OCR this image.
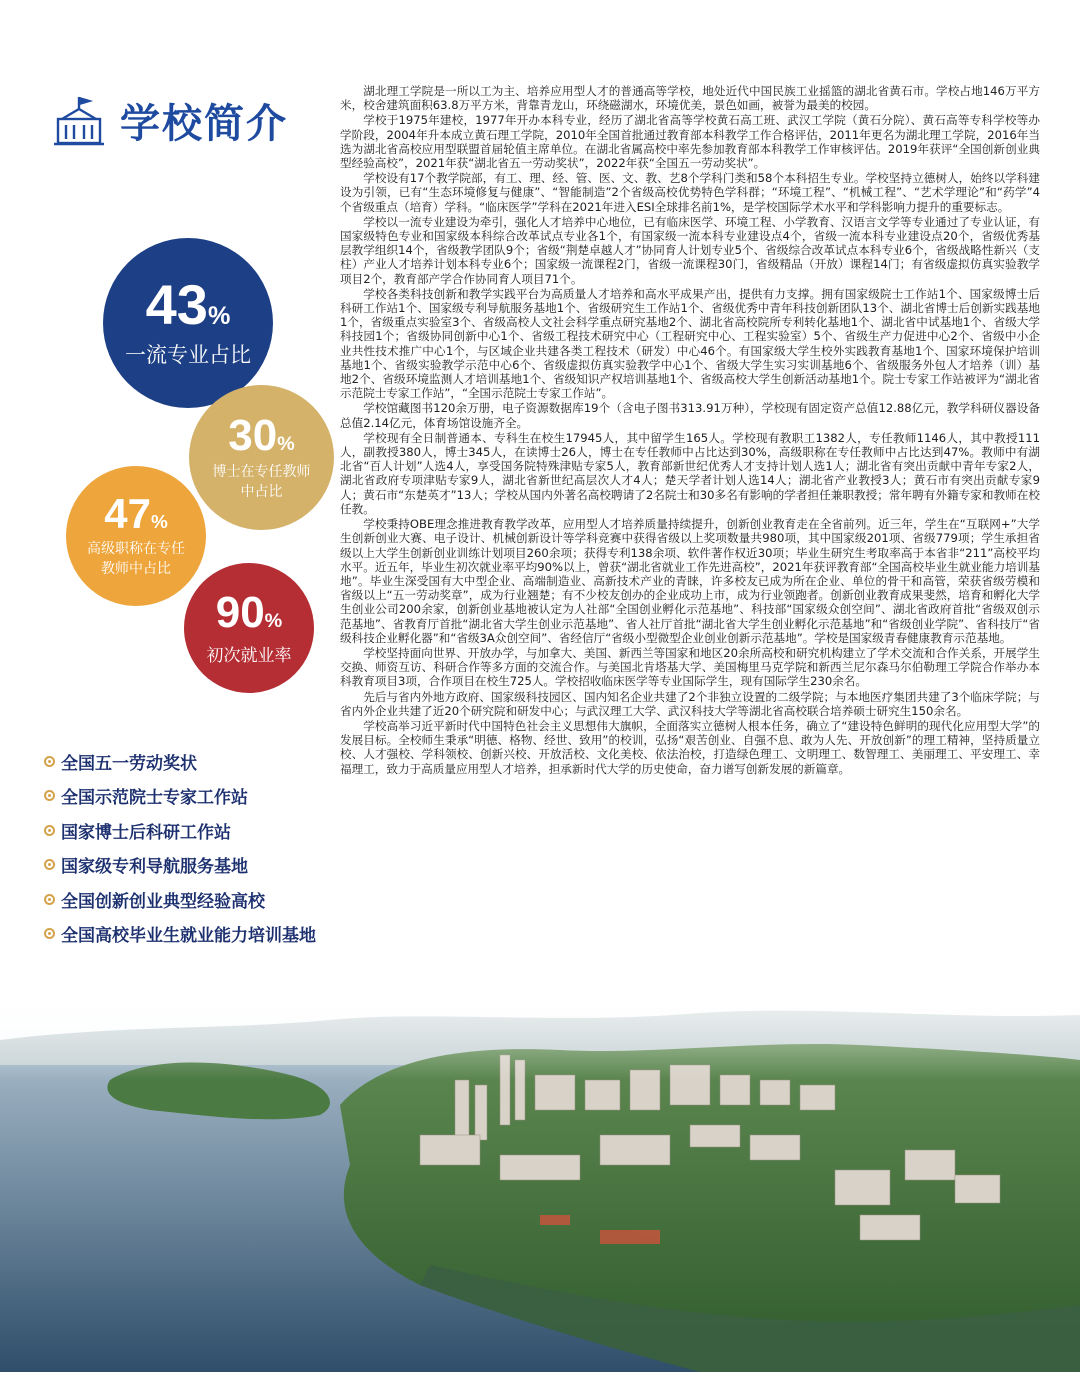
学校简介
43%
一流专业占比
30%
博士在专任教师
中占比
47%
高级职称在专任
教师中占比
90%
初次就业率
全国五一劳动奖状
全国示范院士专家工作站
国家博士后科研工作站
国家级专利导航服务基地
全国创新创业典型经验高校
全国高校毕业生就业能力培训基地

湖北理工学院是一所以工为主、培养应用型人才的普通高等学校，地处近代中国民族工业摇篮的湖北省黄石市。学校占地146万平方米，校舍建筑面积63.8万平方米，背靠青龙山，环绕磁湖水，环境优美，景色如画，被誉为最美的校园。

学校于1975年建校，1977年开办本科专业，经历了湖北省高等学校黄石高工班、武汉工学院（黄石分院）、黄石高等专科学校等办学阶段，2004年升本成立黄石理工学院，2010年全国首批通过教育部本科教学工作合格评估，2011年更名为湖北理工学院，2016年当选为湖北省高校应用型联盟首届轮值主席单位。在湖北省属高校中率先参加教育部本科教学工作审核评估。2019年获评“全国创新创业典型经验高校”，2021年获“湖北省五一劳动奖状”，2022年获“全国五一劳动奖状”。

学校设有17个教学院部，有工、理、经、管、医、文、教、艺8个学科门类和58个本科招生专业。学校坚持立德树人，始终以学科建设为引领，已有“生态环境修复与健康”、“智能制造”2个省级高校优势特色学科群；“环境工程”、“机械工程”、“艺术学理论”和“药学”4个省级重点（培育）学科。“临床医学”学科在2021年进入ESI全球排名前1%，是学校国际学术水平和学科影响力提升的重要标志。

学校以一流专业建设为牵引，强化人才培养中心地位，已有临床医学、环境工程、小学教育、汉语言文学等专业通过了专业认证，有国家级特色专业和国家级本科综合改革试点专业各1个，有国家级一流本科专业建设点4个，省级一流本科专业建设点20个，省级优秀基层教学组织14个，省级教学团队9个；省级“荆楚卓越人才”协同育人计划专业5个、省级综合改革试点本科专业6个，省级战略性新兴（支柱）产业人才培养计划本科专业6个；国家级一流课程2门，省级一流课程30门，省级精品（开放）课程14门；有省级虚拟仿真实验教学项目2个，教育部产学合作协同育人项目71个。

学校各类科技创新和教学实践平台为高质量人才培养和高水平成果产出，提供有力支撑。拥有国家级院士工作站1个、国家级博士后科研工作站1个、国家级专利导航服务基地1个、省级研究生工作站1个、省级优秀中青年科技创新团队13个、湖北省博士后创新实践基地1个，省级重点实验室3个、省级高校人文社会科学重点研究基地2个、湖北省高校院所专利转化基地1个、湖北省中试基地1个、省级大学科技园1个；省级协同创新中心1个、省级工程技术研究中心（工程研究中心、工程实验室）5个、省级生产力促进中心2个、省级中小企业共性技术推广中心1个，与区域企业共建各类工程技术（研发）中心46个。有国家级大学生校外实践教育基地1个、国家环境保护培训基地1个、省级实验教学示范中心6个、省级虚拟仿真实验教学中心1个、省级大学生实习实训基地6个、省级服务外包人才培养（训）基地2个、省级环境监测人才培训基地1个、省级知识产权培训基地1个、省级高校大学生创新活动基地1个。院士专家工作站被评为“湖北省示范院士专家工作站”，“全国示范院士专家工作站”。

学校馆藏图书120余万册，电子资源数据库19个（含电子图书313.91万种），学校现有固定资产总值12.88亿元，教学科研仪器设备总值2.14亿元，体育场馆设施齐全。

学校现有全日制普通本、专科生在校生17945人，其中留学生165人。学校现有教职工1382人，专任教师1146人，其中教授111人，副教授380人，博士345人，在读博士26人，博士在专任教师中占比达到30%，高级职称在专任教师中占比达到47%。教师中有湖北省“百人计划”人选4人，享受国务院特殊津贴专家5人，教育部新世纪优秀人才支持计划人选1人；湖北省有突出贡献中青年专家2人，湖北省政府专项津贴专家9人，湖北省新世纪高层次人才4人；楚天学者计划人选14人；湖北省产业教授3人；黄石市有突出贡献专家9人；黄石市“东楚英才”13人；学校从国内外著名高校聘请了2名院士和30多名有影响的学者担任兼职教授；常年聘有外籍专家和教师在校任教。

学校秉持OBE理念推进教育教学改革，应用型人才培养质量持续提升，创新创业教育走在全省前列。近三年，学生在“互联网+”大学生创新创业大赛、电子设计、机械创新设计等学科竞赛中获得省级以上奖项数量共980项，其中国家级201项、省级779项；学生承担省级以上大学生创新创业训练计划项目260余项；获得专利138余项、软件著作权近30项；毕业生研究生考取率高于本省非“211”高校平均水平。近五年，毕业生初次就业率平均90%以上，曾获“湖北省就业工作先进高校”，2021年获评教育部“全国高校毕业生就业能力培训基地”。毕业生深受国有大中型企业、高端制造业、高新技术产业的青睐，许多校友已成为所在企业、单位的骨干和高管，荣获省级劳模和省级以上“五一劳动奖章”，成为行业翘楚；有不少校友创办的企业成功上市，成为行业领跑者。创新创业教育成果斐然，培育和孵化大学生创业公司200余家，创新创业基地被认定为人社部“全国创业孵化示范基地”、科技部“国家级众创空间”、湖北省政府首批“省级双创示范基地”、省教育厅首批“湖北省大学生创业示范基地”、省人社厅首批“湖北省大学生创业孵化示范基地”和“省级创业学院”、省科技厅“省级科技企业孵化器”和“省级3A众创空间”、省经信厅“省级小型微型企业创业创新示范基地”。学校是国家级青春健康教育示范基地。

学校坚持面向世界、开放办学，与加拿大、美国、新西兰等国家和地区20余所高校和研究机构建立了学术交流和合作关系，开展学生交换、师资互访、科研合作等多方面的交流合作。与美国北肯塔基大学、美国梅里马克学院和新西兰尼尔森马尔伯勒理工学院合作举办本科教育项目3项，合作项目在校生725人。学校招收临床医学等专业国际学生，现有国际学生230余名。

先后与省内外地方政府、国家级科技园区、国内知名企业共建了2个非独立设置的二级学院；与本地医疗集团共建了3个临床学院；与省内外企业共建了近20个研究院和研发中心；与武汉理工大学、武汉科技大学等湖北省高校联合培养硕士研究生150余名。

学校高举习近平新时代中国特色社会主义思想伟大旗帜，全面落实立德树人根本任务，确立了“建设特色鲜明的现代化应用型大学”的发展目标。全校师生秉承“明德、格物、经世、致用”的校训，弘扬“艰苦创业、自强不息、敢为人先、开放创新”的理工精神，坚持质量立校、人才强校、学科领校、创新兴校、开放活校、文化美校、依法治校，打造绿色理工、文明理工、数智理工、美丽理工、平安理工、幸福理工，致力于高质量应用型人才培养，担承新时代大学的历史使命，奋力谱写创新发展的新篇章。
